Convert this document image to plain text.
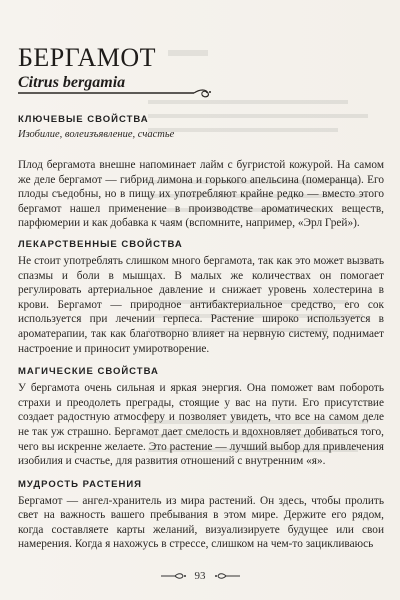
БЕРГАМОТ
Citrus bergamia
КЛЮЧЕВЫЕ СВОЙСТВА
Изобилие, волеизъявление, счастье

Плод бергамота внешне напоминает лайм с бугристой кожурой. На самом же деле бергамот — гибрид лимона и горького апельсина (померанца). Его плоды съедобны, но в пищу их употребляют крайне редко — вместо этого бергамот нашел применение в производстве ароматических веществ, парфюмерии и как добавка к чаям (вспомните, например, «Эрл Грей»).

ЛЕКАРСТВЕННЫЕ СВОЙСТВА

Не стоит употреблять слишком много бергамота, так как это может вызвать спазмы и боли в мышцах. В малых же количествах он помогает регулировать артериальное давление и снижает уровень холестерина в крови. Бергамот — природное антибактериальное средство, его сок используется при лечении герпеса. Растение широко используется в ароматерапии, так как благотворно влияет на нервную систему, поднимает настроение и приносит умиротворение.

МАГИЧЕСКИЕ СВОЙСТВА

У бергамота очень сильная и яркая энергия. Она поможет вам побороть страхи и преодолеть преграды, стоящие у вас на пути. Его присутствие создает радостную атмосферу и позволяет увидеть, что все на самом деле не так уж страшно. Бергамот дает смелость и вдохновляет добиваться того, чего вы искренне желаете. Это растение — лучший выбор для привлечения изобилия и счастье, для развития отношений с внутренним «я».

МУДРОСТЬ РАСТЕНИЯ

Бергамот — ангел-хранитель из мира растений. Он здесь, чтобы пролить свет на важность вашего пребывания в этом мире. Держите его рядом, когда составляете карты желаний, визуализируете будущее или свои намерения. Когда я нахожусь в стрессе, слишком на чем-то зацикливаюсь

93
